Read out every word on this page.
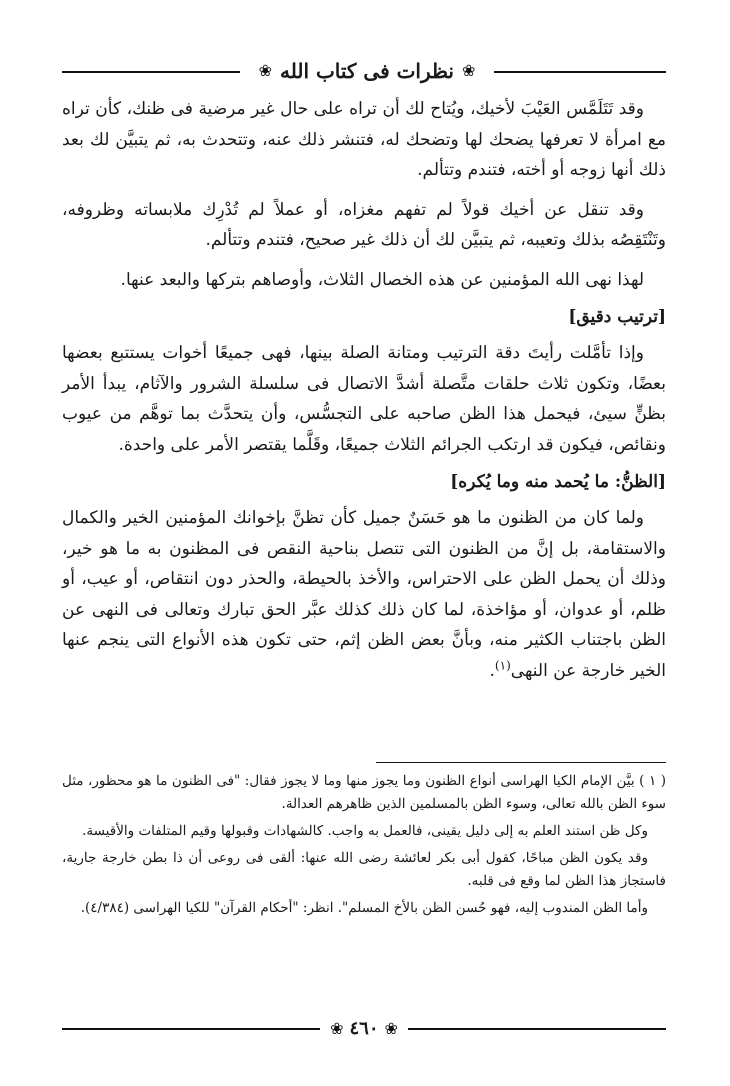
❀
نظرات فى كتاب الله
❀

وقد تَتَلَمَّس العَيْبَ لأخيك، ويُتاح لك أن تراه على حال غير مرضية فى ظنك، كأن تراه مع امرأة لا تعرفها يضحك لها وتضحك له، فتنشر ذلك عنه، وتتحدث به، ثم يتبيَّن لك بعد ذلك أنها زوجه أو أخته، فتندم وتتألم.

وقد تنقل عن أخيك قولاً لم تفهم مغزاه، أو عملاً لم تُدْرِك ملابساته وظروفه، وتَنْتَقِصُه بذلك وتعيبه، ثم يتبيَّن لك أن ذلك غير صحيح، فتندم وتتألم.

لهذا نهى الله المؤمنين عن هذه الخصال الثلاث، وأوصاهم بتركها والبعد عنها.

[ترتيب دقيق]

وإذا تأمَّلت رأيتَ دقة الترتيب ومتانة الصلة بينها، فهى جميعًا أخوات يستتبع بعضها بعضًا، وتكون ثلاث حلقات متَّصلة أشدَّ الاتصال فى سلسلة الشرور والآثام، يبدأ الأمر بظنٍّ سيئ، فيحمل هذا الظن صاحبه على التجسُّس، وأن يتحدَّث بما توهَّم من عيوب ونقائص، فيكون قد ارتكب الجرائم الثلاث جميعًا، وقَلَّما يقتصر الأمر على واحدة.

[الظنُّ: ما يُحمد منه وما يُكره]

ولما كان من الظنون ما هو حَسَنٌ جميل كأن تظنَّ بإخوانك المؤمنين الخير والكمال والاستقامة، بل إنَّ من الظنون التى تتصل بناحية النقص فى المظنون به ما هو خير، وذلك أن يحمل الظن على الاحتراس، والأخذ بالحيطة، والحذر دون انتقاص، أو عيب، أو ظلم، أو عدوان، أو مؤاخذة، لما كان ذلك كذلك عبَّر الحق تبارك وتعالى فى النهى عن الظن باجتناب الكثير منه، وبأنَّ بعض الظن إثم، حتى تكون هذه الأنواع التى ينجم عنها الخير خارجة عن النهى$^{(١)}$.

( ١ ) بيَّن الإمام الكيا الهراسى أنواع الظنون وما يجوز منها وما لا يجوز فقال: "فى الظنون ما هو محظور، مثل سوء الظن بالله تعالى، وسوء الظن بالمسلمين الذين ظاهرهم العدالة.

وكل ظن استند العلم به إلى دليل يقينى، فالعمل به واجب. كالشهادات وقبولها وقيم المتلفات والأقيسة.

وقد يكون الظن مباحًا، كقول أبى بكر لعائشة رضى الله عنها: ألقى فى روعى أن ذا بطن خارجة جارية، فاستجاز هذا الظن لما وقع فى قلبه.

وأما الظن المندوب إليه، فهو حُسن الظن بالأخ المسلم". انظر: "أحكام القرآن" للكيا الهراسى (٤/٣٨٤).

❀
٤٦٠
❀
